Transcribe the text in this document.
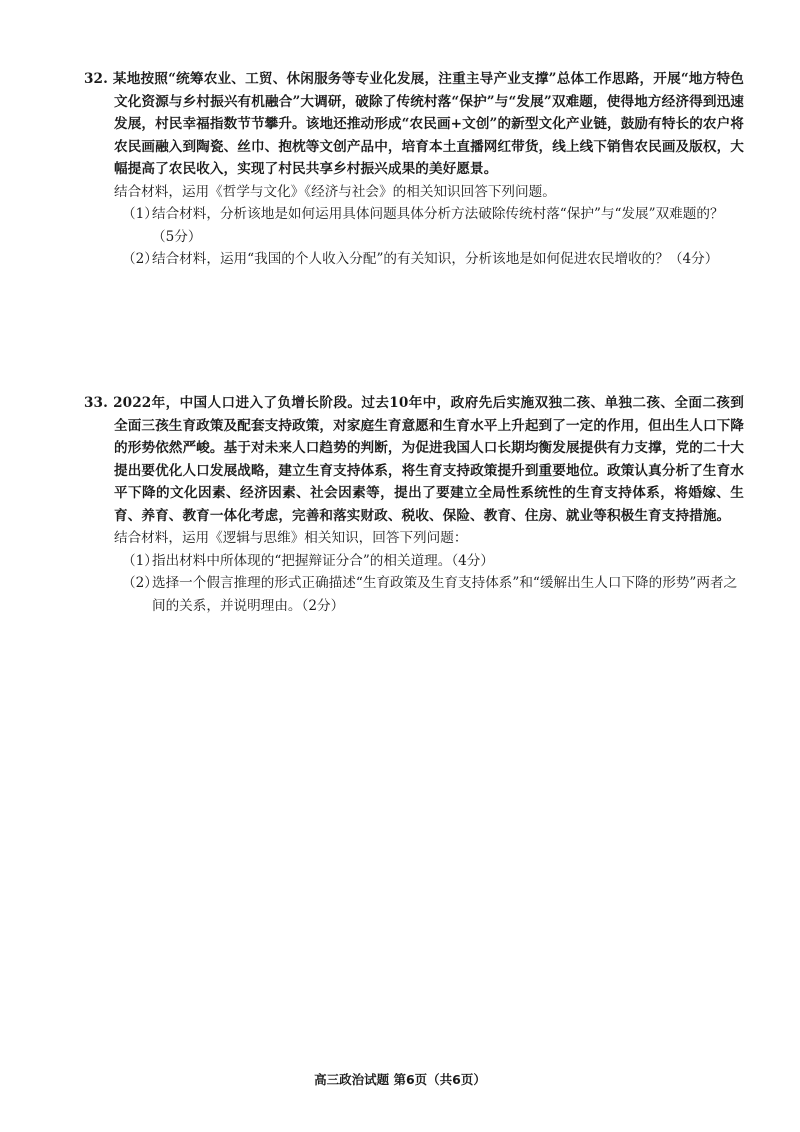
32. 某地按照“统筹农业、工贸、休闲服务等专业化发展，注重主导产业支撑”总体工作思路，开展“地方特色文化资源与乡村振兴有机融合”大调研，破除了传统村落“保护”与“发展”双难题，使得地方经济得到迅速发展，村民幸福指数节节攀升。该地还推动形成“农民画+文创”的新型文化产业链，鼓励有特长的农户将农民画融入到陶瓷、丝巾、抱枕等文创产品中，培育本土直播网红带货，线上线下销售农民画及版权，大幅提高了农民收入，实现了村民共享乡村振兴成果的美好愿景。
结合材料，运用《哲学与文化》《经济与社会》的相关知识回答下列问题。
（1）结合材料，分析该地是如何运用具体问题具体分析方法破除传统村落“保护”与“发展”双难题的？（5分）
（2）结合材料，运用“我国的个人收入分配”的有关知识，分析该地是如何促进农民增收的？（4分）
33. 2022年，中国人口进入了负增长阶段。过去10年中，政府先后实施双独二孩、单独二孩、全面二孩到全面三孩生育政策及配套支持政策，对家庭生育意愿和生育水平上升起到了一定的作用，但出生人口下降的形势依然严峻。基于对未来人口趋势的判断，为促进我国人口长期均衡发展提供有力支撑，党的二十大提出要优化人口发展战略，建立生育支持体系，将生育支持政策提升到重要地位。政策认真分析了生育水平下降的文化因素、经济因素、社会因素等，提出了要建立全局性系统性的生育支持体系，将婚嫁、生育、养育、教育一体化考虑，完善和落实财政、税收、保险、教育、住房、就业等积极生育支持措施。
结合材料，运用《逻辑与思维》相关知识，回答下列问题：
（1）指出材料中所体现的“把握辩证分合”的相关道理。（4分）
（2）选择一个假言推理的形式正确描述“生育政策及生育支持体系”和“缓解出生人口下降的形势”两者之间的关系，并说明理由。（2分）
高三政治试题 第6页（共6页）
